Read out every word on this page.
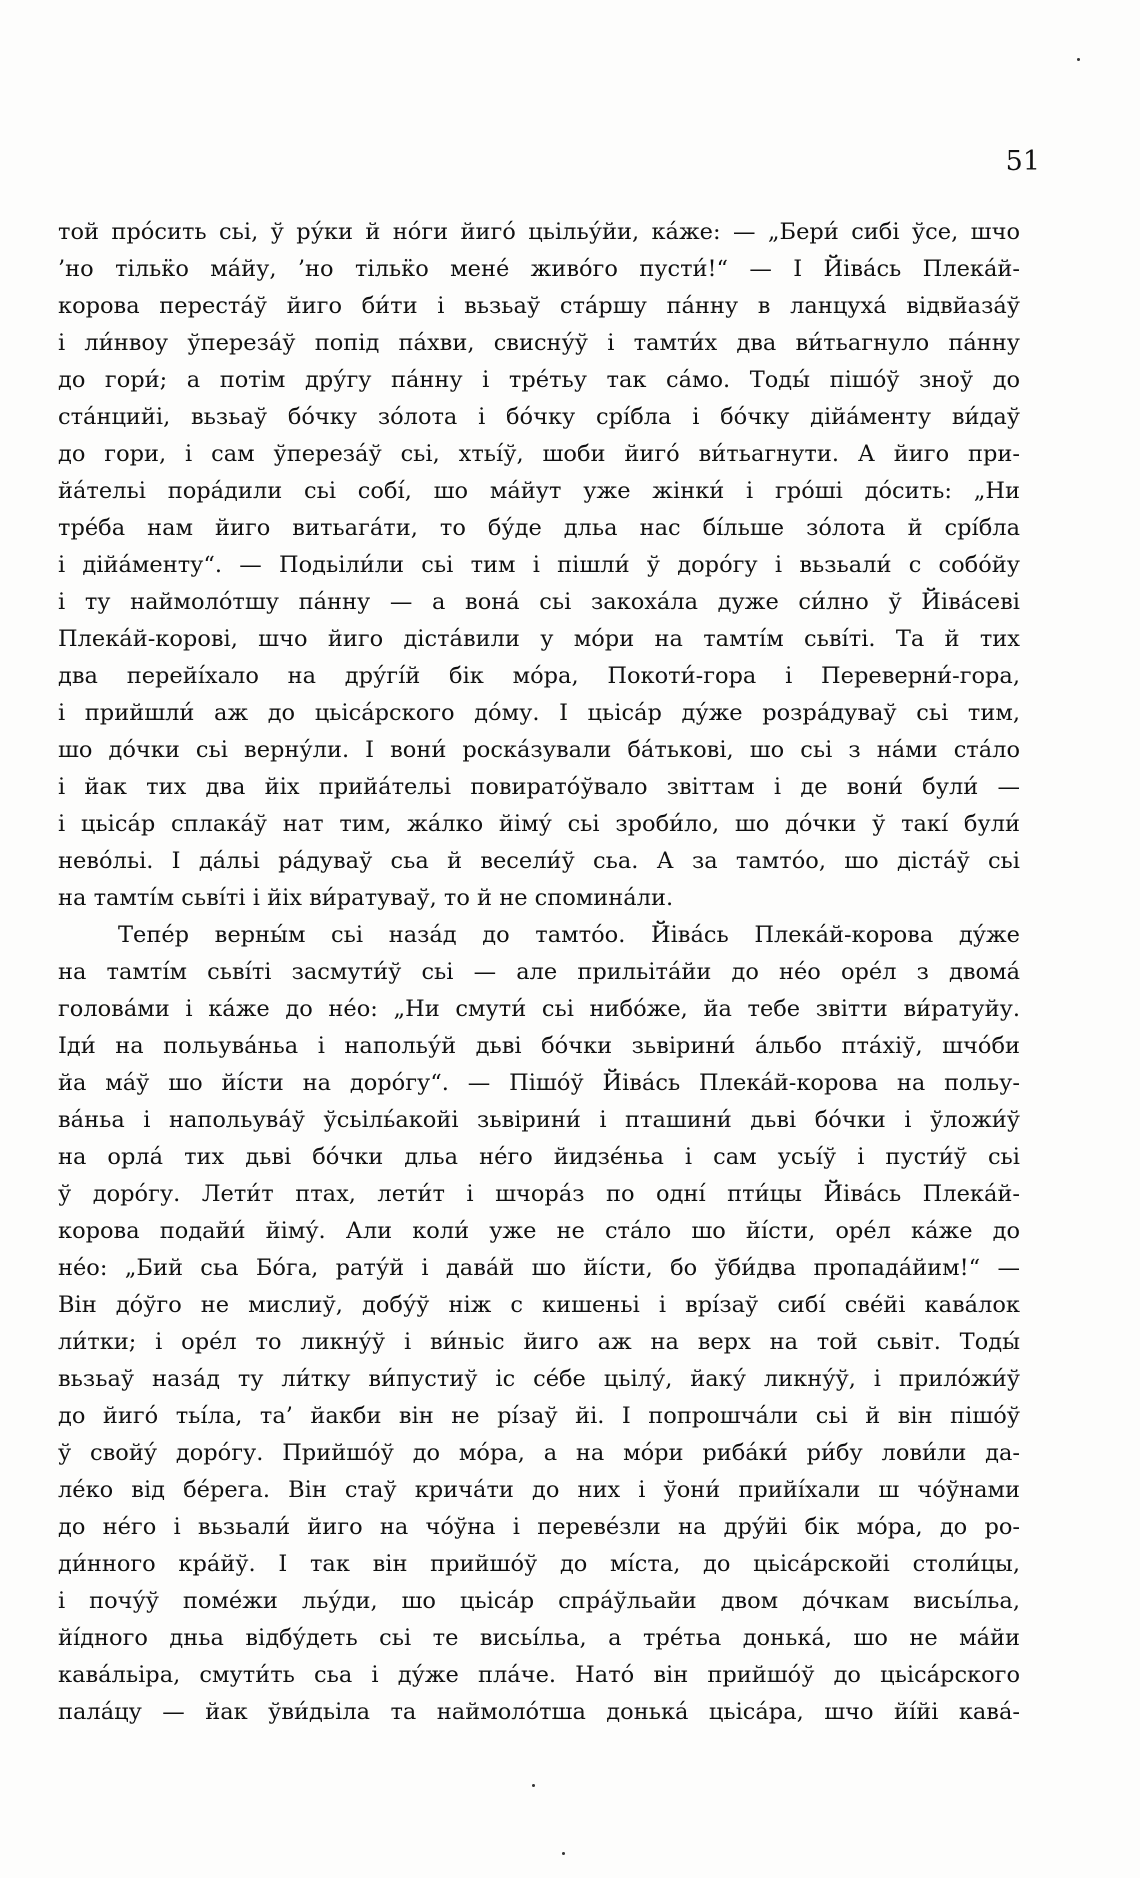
51
той про́сить сьі, ў ру́ки й но́ги йиго́ цьільу́йи, ка́же: — „Бери́ сибі ўсе, шчо
’но тільк̈о ма́йу, ’но тільк̈о мене́ живо́го пусти́!“ — І Йіва́сь Плека́й-
корова переста́ў йиго би́ти і вьзьаў ста́ршу па́нну в ланцуха́ відвйаза́ў
і ли́нвоу ўпереза́ў попід па́хви, свисну́ў і тамти́х два ви́тьагнуло па́нну
до гори́; а потім дру́гу па́нну і тре́тьу так са́мо. Тоды́ пішо́ў зноў до
ста́нцийі, вьзьаў бо́чку зо́лота і бо́чку срі́бла і бо́чку дійа́менту ви́даў
до гори, і сам ўпереза́ў сьі, хтьі́ў, шоби йиго́ ви́тьагнути. А йиго при-
йа́тельі пора́дили сьі собі́, шо ма́йут уже жінки́ і гро́ші до́сить: „Ни
тре́ба нам йиго витьага́ти, то бу́де дльа нас бі́льше зо́лота й срі́бла
і дійа́менту“. — Подьіли́ли сьі тим і пішли́ ў доро́гу і вьзьали́ с собо́йу
і ту наймоло́тшу па́нну — а вона́ сьі закоха́ла дуже си́лно ў Йіва́севі
Плека́й-корові, шчо йиго діста́вили у мо́ри на тамті́м сьві́ті. Та й тих
два перейі́хало на дру́гі́й бік мо́ра, Покоти́-гора і Переверни́-гора,
і прийшли́ аж до цьіса́рского до́му. І цьіса́р ду́же розра́дуваў сьі тим,
шо до́чки сьі верну́ли. І вони́ роска́зували ба́тькові, шо сьі з на́ми ста́ло
і йак тих два йіх прийа́тельі повирато́ўвало звіттам і де вони́ були́ —
і цьіса́р сплака́ў нат тим, жа́лко йіму́ сьі зроби́ло, шо до́чки ў такі́ були́
нево́льі. І да́льі ра́дуваў сьа й весели́ў сьа. А за тамто́о, шо діста́ў сьі
на тамті́м сьві́ті і йіх ви́ратуваў, то й не спомина́ли.
Тепе́р верны́м сьі наза́д до тамто́о. Йіва́сь Плека́й-корова ду́же
на тамті́м сьві́ті засмути́ў сьі — але прильіта́йи до не́о оре́л з двома́
голова́ми і ка́же до не́о: „Ни смути́ сьі нибо́же, йа тебе звітти ви́ратуйу.
Іди́ на польува́ньа і напольу́й дьві бо́чки зьвірини́ а́льбо пта́хіў, шчо́би
йа ма́ў шо йі́сти на доро́гу“. — Пішо́ў Йіва́сь Плека́й-корова на польу-
ва́ньа і напольува́ў ўсьіль́акойі зьвірини́ і пташини́ дьві бо́чки і ўложи́ў
на орла́ тих дьві бо́чки дльа не́го йидзе́ньа і сам усьі́ў і пусти́ў сьі
ў доро́гу. Лети́т птах, лети́т і шчора́з по одні́ пти́цы Йіва́сь Плека́й-
корова подайи́ йіму́. Али коли́ уже не ста́ло шо йі́сти, оре́л ка́же до
не́о: „Бий сьа Бо́га, рату́й і дава́й шо йі́сти, бо ўби́два пропада́йим!“ —
Він до́ўго не мислиў, добу́ў ніж с кишеньі і врі́заў сибі́ све́йі кава́лок
ли́тки; і оре́л то ликну́ў і ви́ньіс йиго аж на верх на той сьвіт. Тоды́
вьзьаў наза́д ту ли́тку ви́пустиў іс се́бе цьілу́, йаку́ ликну́ў, і прило́жи́ў
до йиго́ тьі́ла, та’ йакби він не рі́заў йі. І попрошча́ли сьі й він пішо́ў
ў свойу́ доро́гу. Прийшо́ў до мо́ра, а на мо́ри риба́ки́ ри́бу лови́ли да-
ле́ко від бе́рега. Він стаў крича́ти до них і ўони́ прийі́хали ш чо́ўнами
до не́го і вьзьали́ йиго на чо́ўна і переве́зли на дру́йі бік мо́ра, до ро-
ди́нного кра́йў. І так він прийшо́ў до мі́ста, до цьіса́рскойі столи́цы,
і почу́ў поме́жи льу́ди, шо цьіса́р спра́ўльайи двом до́чкам висьі́льа,
йі́дного дньа відбу́деть сьі те висьі́льа, а тре́тьа донька́, шо не ма́йи
кава́льіра, смути́ть сьа і ду́же пла́че. Нато́ він прийшо́ў до цьіса́рского
пала́цу — йак ўви́дьіла та наймоло́тша донька́ цьіса́ра, шчо йі́йі кава́-
